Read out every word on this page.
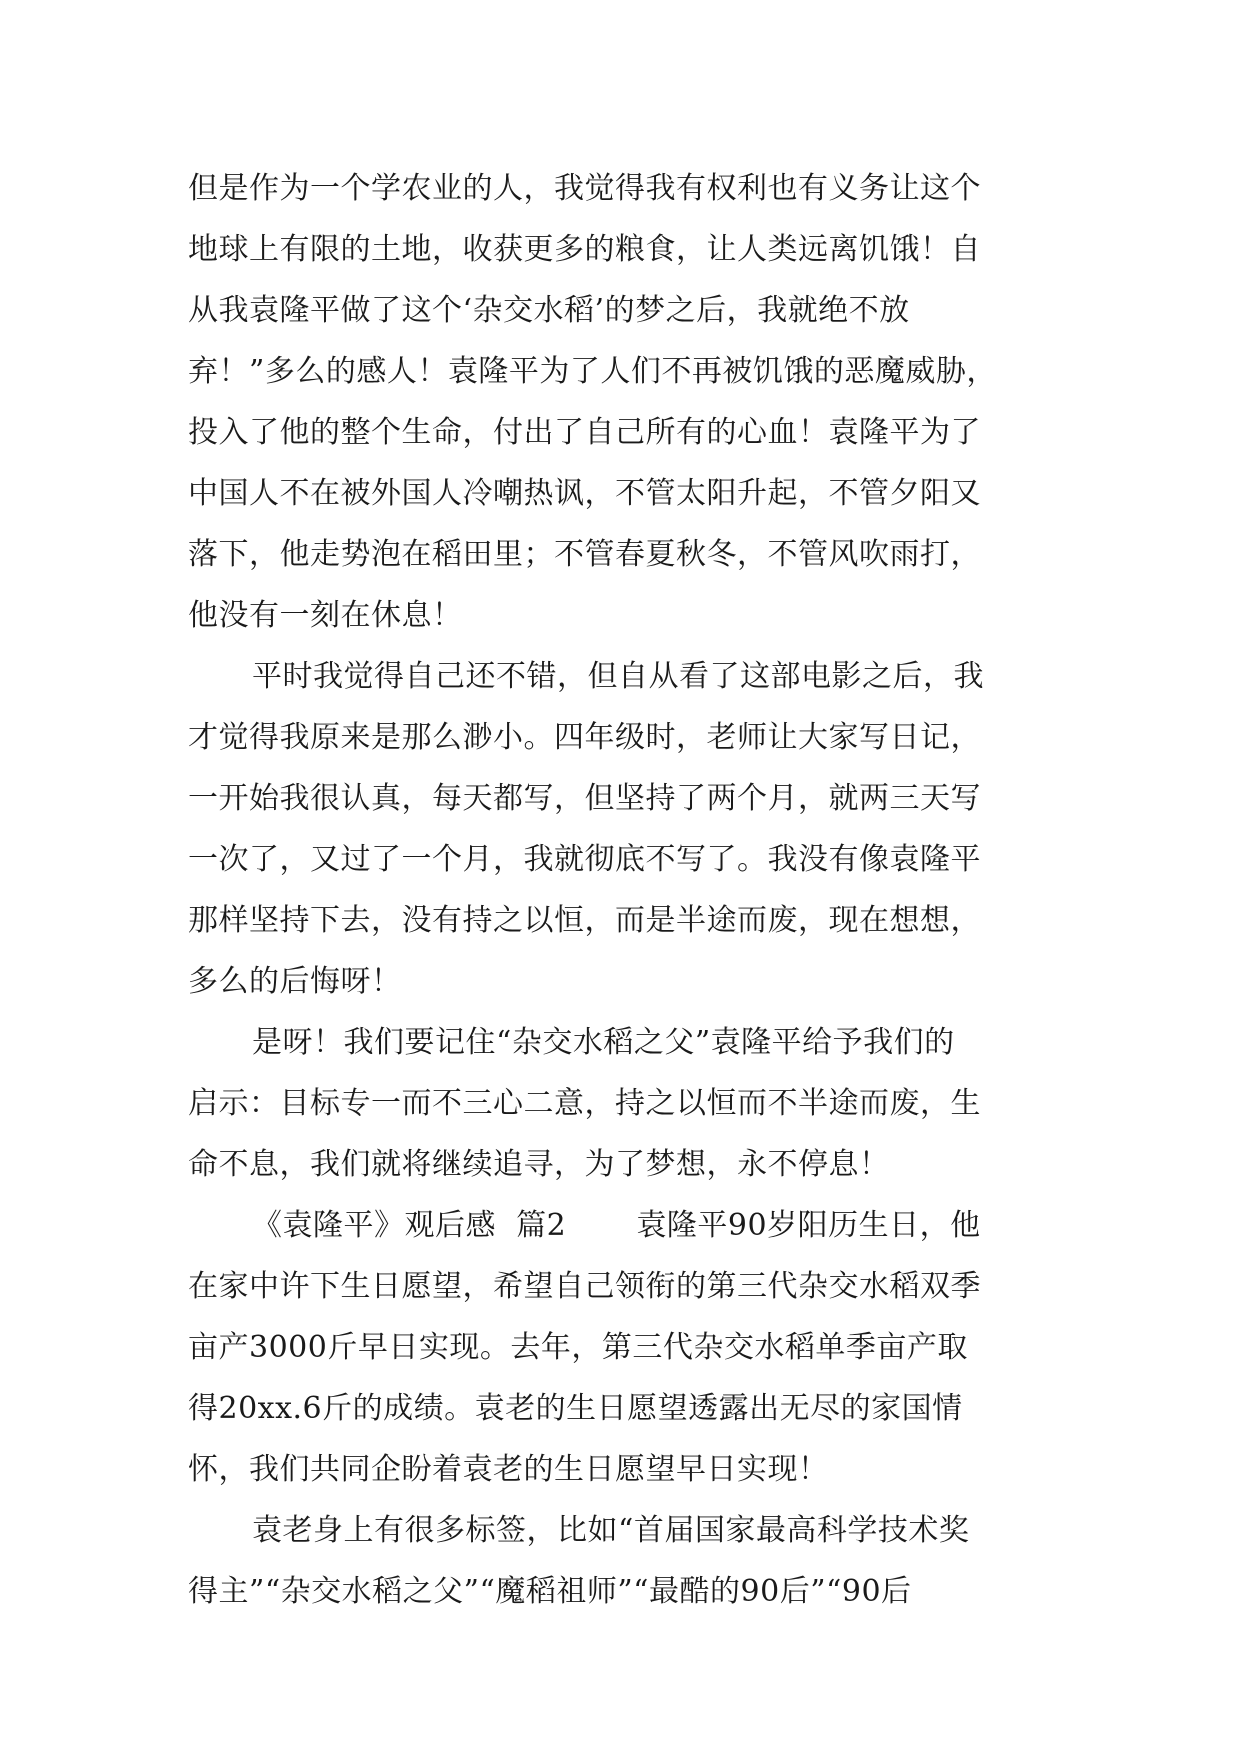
但是作为一个学农业的人，我觉得我有权利也有义务让这个
地球上有限的土地，收获更多的粮食，让人类远离饥饿！自
从我袁隆平做了这个‘杂交水稻’的梦之后，我就绝不放
弃！”多么的感人！袁隆平为了人们不再被饥饿的恶魔威胁，
投入了他的整个生命，付出了自己所有的心血！袁隆平为了
中国人不在被外国人冷嘲热讽，不管太阳升起，不管夕阳又
落下，他走势泡在稻田里；不管春夏秋冬，不管风吹雨打，
他没有一刻在休息！
平时我觉得自己还不错，但自从看了这部电影之后，我
才觉得我原来是那么渺小。四年级时，老师让大家写日记，
一开始我很认真，每天都写，但坚持了两个月，就两三天写
一次了，又过了一个月，我就彻底不写了。我没有像袁隆平
那样坚持下去，没有持之以恒，而是半途而废，现在想想，
多么的后悔呀！
是呀！我们要记住“杂交水稻之父”袁隆平给予我们的
启示：目标专一而不三心二意，持之以恒而不半途而废，生
命不息，我们就将继续追寻，为了梦想，永不停息！
《袁隆平》观后感  篇2       袁隆平90岁阳历生日，他
在家中许下生日愿望，希望自己领衔的第三代杂交水稻双季
亩产3000斤早日实现。去年，第三代杂交水稻单季亩产取
得20xx.6斤的成绩。袁老的生日愿望透露出无尽的家国情
怀，我们共同企盼着袁老的生日愿望早日实现！
袁老身上有很多标签，比如“首届国家最高科学技术奖
得主”“杂交水稻之父”“魔稻祖师”“最酷的90后”“90后
